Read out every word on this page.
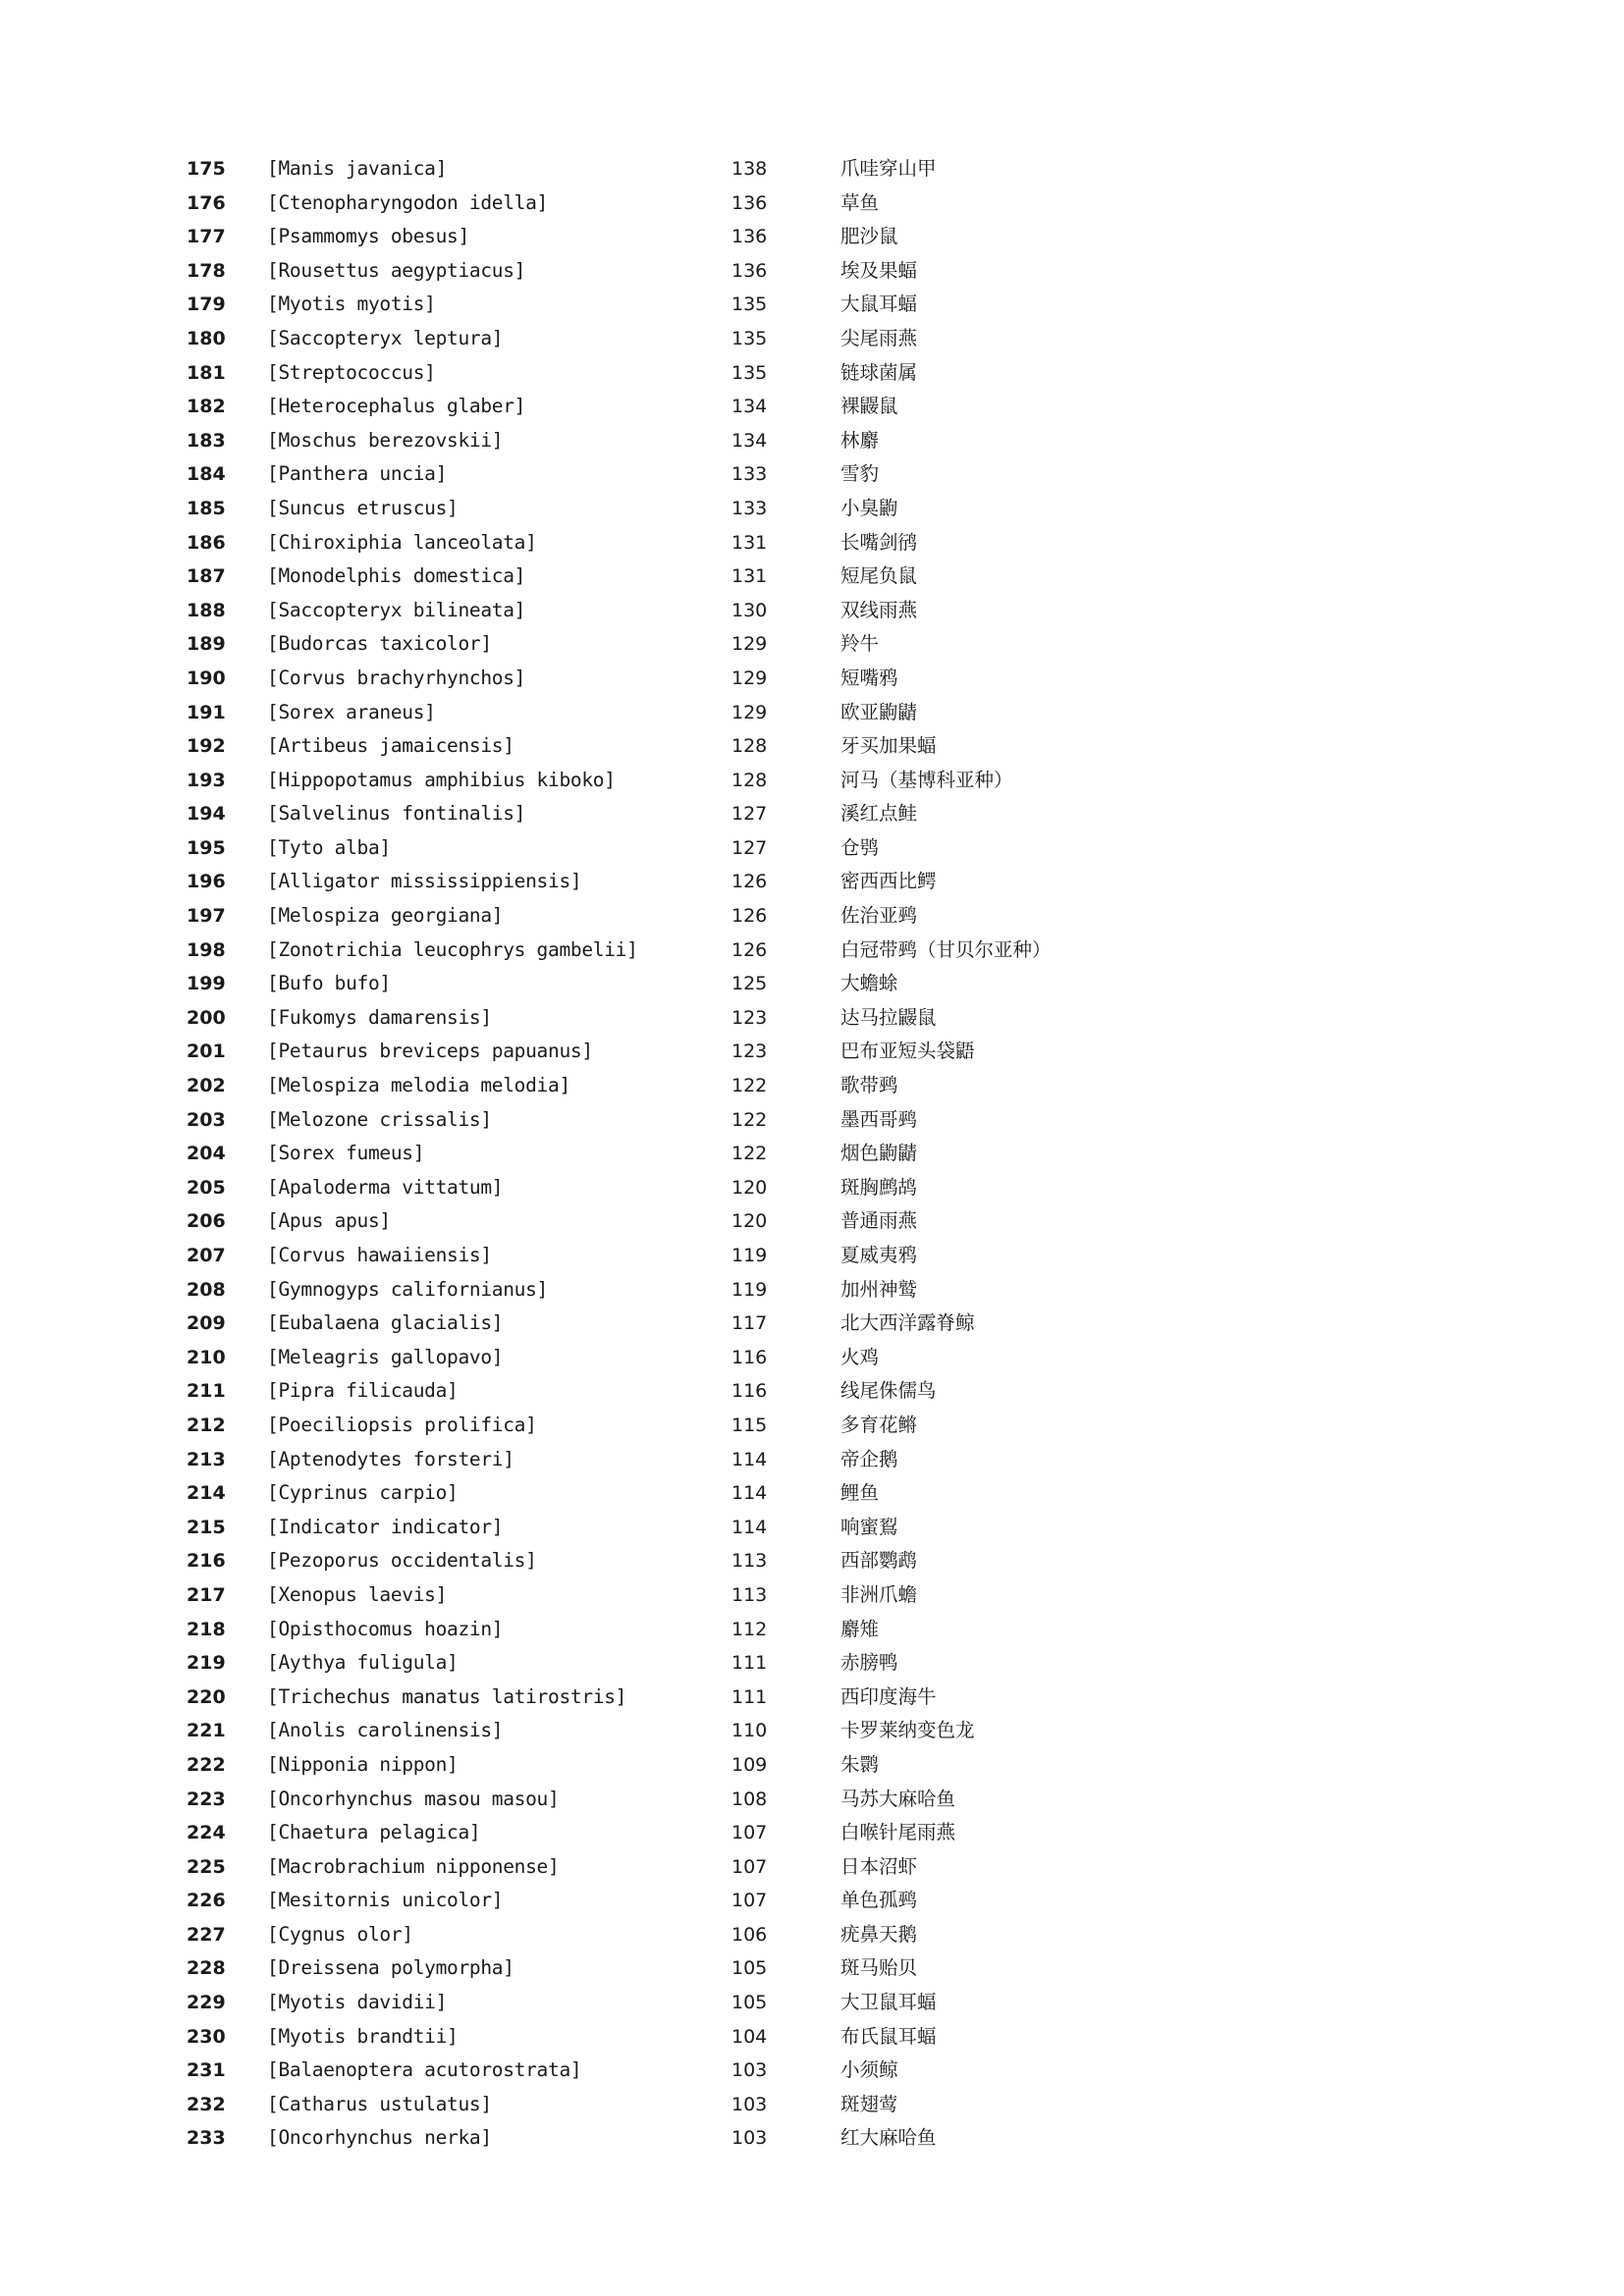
175	[Manis javanica]	138	爪哇穿山甲
176	[Ctenopharyngodon idella]	136	草鱼
177	[Psammomys obesus]	136	肥沙鼠
178	[Rousettus aegyptiacus]	136	埃及果蝠
179	[Myotis myotis]	135	大鼠耳蝠
180	[Saccopteryx leptura]	135	尖尾雨燕
181	[Streptococcus]	135	链球菌属
182	[Heterocephalus glaber]	134	裸鼹鼠
183	[Moschus berezovskii]	134	林麝
184	[Panthera uncia]	133	雪豹
185	[Suncus etruscus]	133	小臭鼩
186	[Chiroxiphia lanceolata]	131	长嘴剑鸻
187	[Monodelphis domestica]	131	短尾负鼠
188	[Saccopteryx bilineata]	130	双线雨燕
189	[Budorcas taxicolor]	129	羚牛
190	[Corvus brachyrhynchos]	129	短嘴鸦
191	[Sorex araneus]	129	欧亚鼩鼱
192	[Artibeus jamaicensis]	128	牙买加果蝠
193	[Hippopotamus amphibius kiboko]	128	河马（基博科亚种）
194	[Salvelinus fontinalis]	127	溪红点鲑
195	[Tyto alba]	127	仓鸮
196	[Alligator mississippiensis]	126	密西西比鳄
197	[Melospiza georgiana]	126	佐治亚鹀
198	[Zonotrichia leucophrys gambelii]	126	白冠带鹀（甘贝尔亚种）
199	[Bufo bufo]	125	大蟾蜍
200	[Fukomys damarensis]	123	达马拉鼹鼠
201	[Petaurus breviceps papuanus]	123	巴布亚短头袋鼯
202	[Melospiza melodia melodia]	122	歌带鹀
203	[Melozone crissalis]	122	墨西哥鹀
204	[Sorex fumeus]	122	烟色鼩鼱
205	[Apaloderma vittatum]	120	斑胸鹧鸪
206	[Apus apus]	120	普通雨燕
207	[Corvus hawaiiensis]	119	夏威夷鸦
208	[Gymnogyps californianus]	119	加州神鹫
209	[Eubalaena glacialis]	117	北大西洋露脊鲸
210	[Meleagris gallopavo]	116	火鸡
211	[Pipra filicauda]	116	线尾侏儒鸟
212	[Poeciliopsis prolifica]	115	多育花鳉
213	[Aptenodytes forsteri]	114	帝企鹅
214	[Cyprinus carpio]	114	鲤鱼
215	[Indicator indicator]	114	响蜜鴷
216	[Pezoporus occidentalis]	113	西部鹦鹉
217	[Xenopus laevis]	113	非洲爪蟾
218	[Opisthocomus hoazin]	112	麝雉
219	[Aythya fuligula]	111	赤膀鸭
220	[Trichechus manatus latirostris]	111	西印度海牛
221	[Anolis carolinensis]	110	卡罗莱纳变色龙
222	[Nipponia nippon]	109	朱鹮
223	[Oncorhynchus masou masou]	108	马苏大麻哈鱼
224	[Chaetura pelagica]	107	白喉针尾雨燕
225	[Macrobrachium nipponense]	107	日本沼虾
226	[Mesitornis unicolor]	107	单色孤鹀
227	[Cygnus olor]	106	疣鼻天鹅
228	[Dreissena polymorpha]	105	斑马贻贝
229	[Myotis davidii]	105	大卫鼠耳蝠
230	[Myotis brandtii]	104	布氏鼠耳蝠
231	[Balaenoptera acutorostrata]	103	小须鲸
232	[Catharus ustulatus]	103	斑翅莺
233	[Oncorhynchus nerka]	103	红大麻哈鱼
